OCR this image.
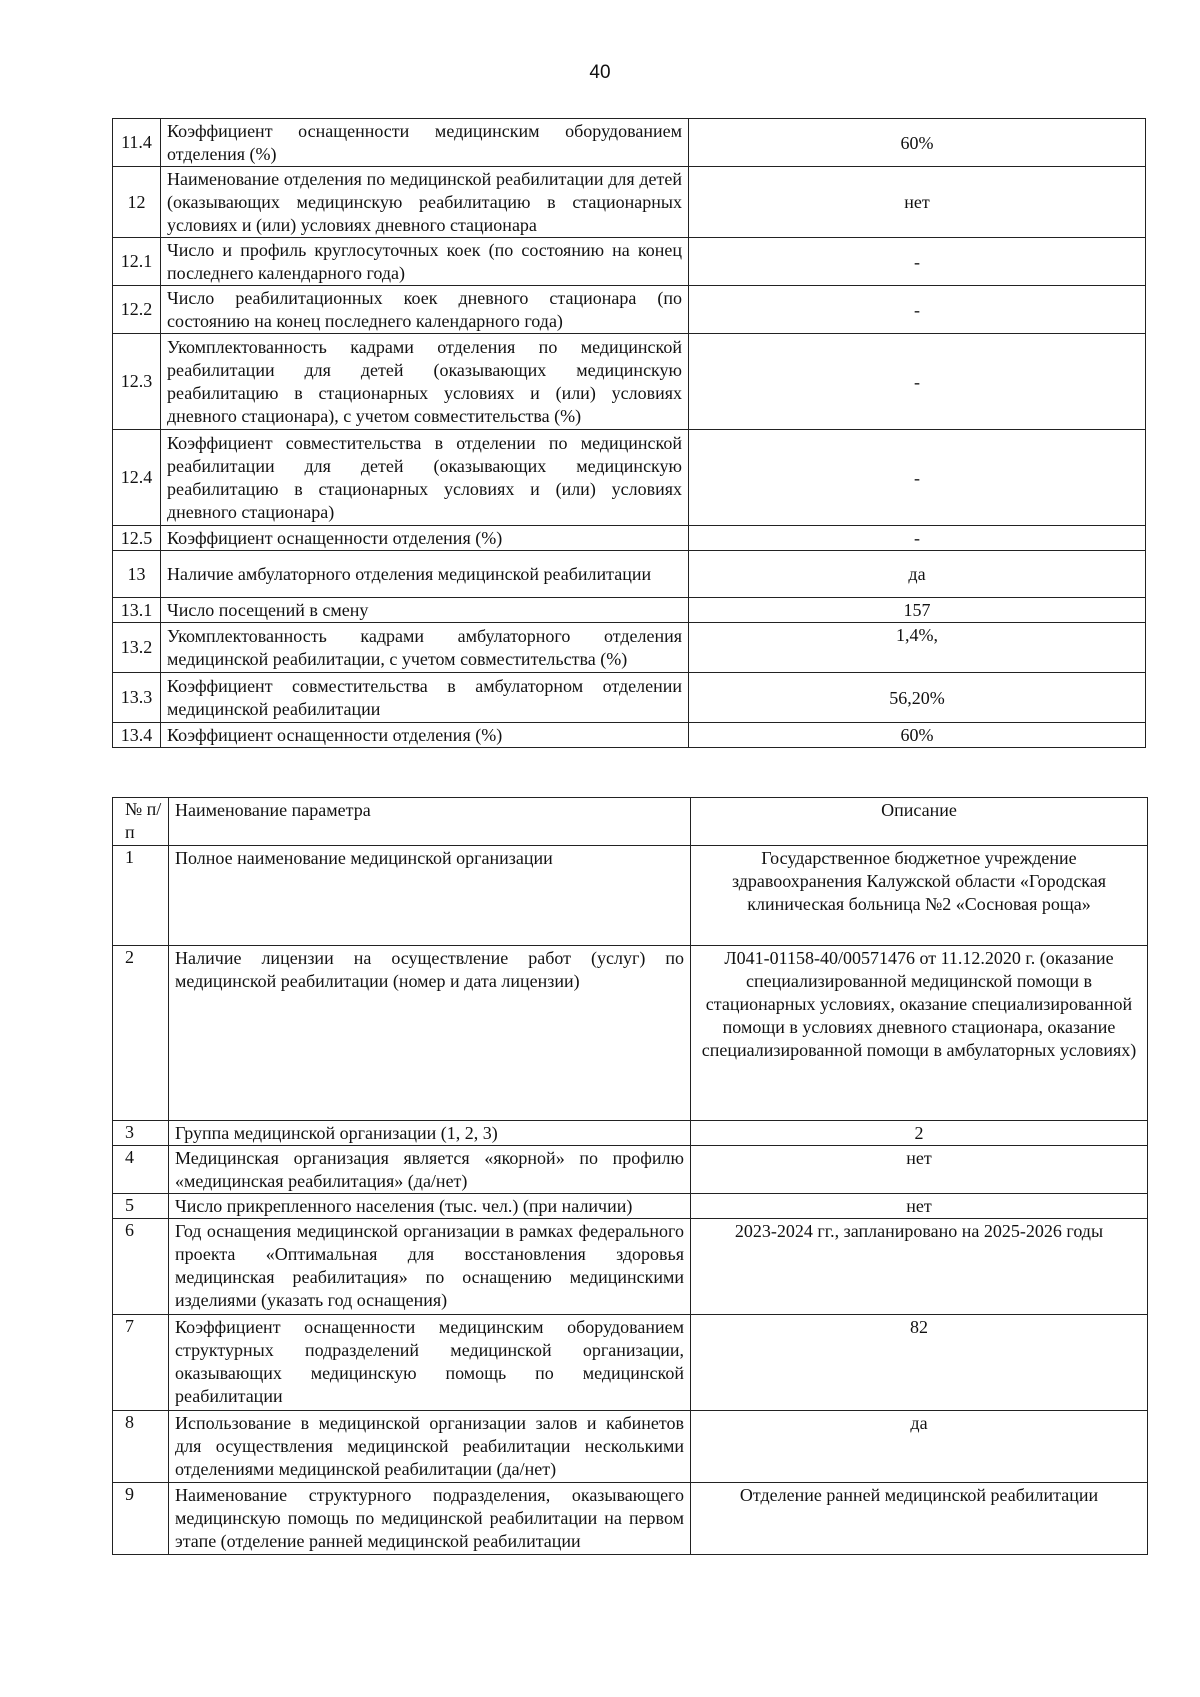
40
11.4	Коэффициент оснащенности медицинским оборудованием отделения (%)	60%
12	Наименование отделения по медицинской реабилитации для детей (оказывающих медицинскую реабилитацию в стационарных условиях и (или) условиях дневного стационара	нет
12.1	Число и профиль круглосуточных коек (по состоянию на конец последнего календарного года)	-
12.2	Число реабилитационных коек дневного стационара (по состоянию на конец последнего календарного года)	-
12.3	Укомплектованность кадрами отделения по медицинской реабилитации для детей (оказывающих медицинскую реабилитацию в стационарных условиях и (или) условиях дневного стационара), с учетом совместительства (%)	-
12.4	Коэффициент совместительства в отделении по медицинской реабилитации для детей (оказывающих медицинскую реабилитацию в стационарных условиях и (или) условиях дневного стационара)	-
12.5	Коэффициент оснащенности отделения (%)	-
13	Наличие амбулаторного отделения медицинской реабилитации	да
13.1	Число посещений в смену	157
13.2	Укомплектованность кадрами амбулаторного отделения медицинской реабилитации, с учетом совместительства (%)	1,4%,
13.3	Коэффициент совместительства в амбулаторном отделении медицинской реабилитации	56,20%
13.4	Коэффициент оснащенности отделения (%)	60%
№ п/п	Наименование параметра	Описание
1	Полное наименование медицинской организации	Государственное бюджетное учреждение здравоохранения Калужской области «Городская клиническая больница №2 «Сосновая роща»
2	Наличие лицензии на осуществление работ (услуг) по медицинской реабилитации (номер и дата лицензии)	Л041-01158-40/00571476 от 11.12.2020 г. (оказание специализированной медицинской помощи в стационарных условиях, оказание специализированной помощи в условиях дневного стационара, оказание специализированной помощи в амбулаторных условиях)
3	Группа медицинской организации (1, 2, 3)	2
4	Медицинская организация является «якорной» по профилю «медицинская реабилитация» (да/нет)	нет
5	Число прикрепленного населения (тыс. чел.) (при наличии)	нет
6	Год оснащения медицинской организации в рамках федерального проекта «Оптимальная для восстановления здоровья медицинская реабилитация» по оснащению медицинскими изделиями (указать год оснащения)	2023-2024 гг., запланировано на 2025-2026 годы
7	Коэффициент оснащенности медицинским оборудованием структурных подразделений медицинской организации, оказывающих медицинскую помощь по медицинской реабилитации	82
8	Использование в медицинской организации залов и кабинетов для осуществления медицинской реабилитации несколькими отделениями медицинской реабилитации (да/нет)	да
9	Наименование структурного подразделения, оказывающего медицинскую помощь по медицинской реабилитации на первом этапе (отделение ранней медицинской реабилитации	Отделение ранней медицинской реабилитации
